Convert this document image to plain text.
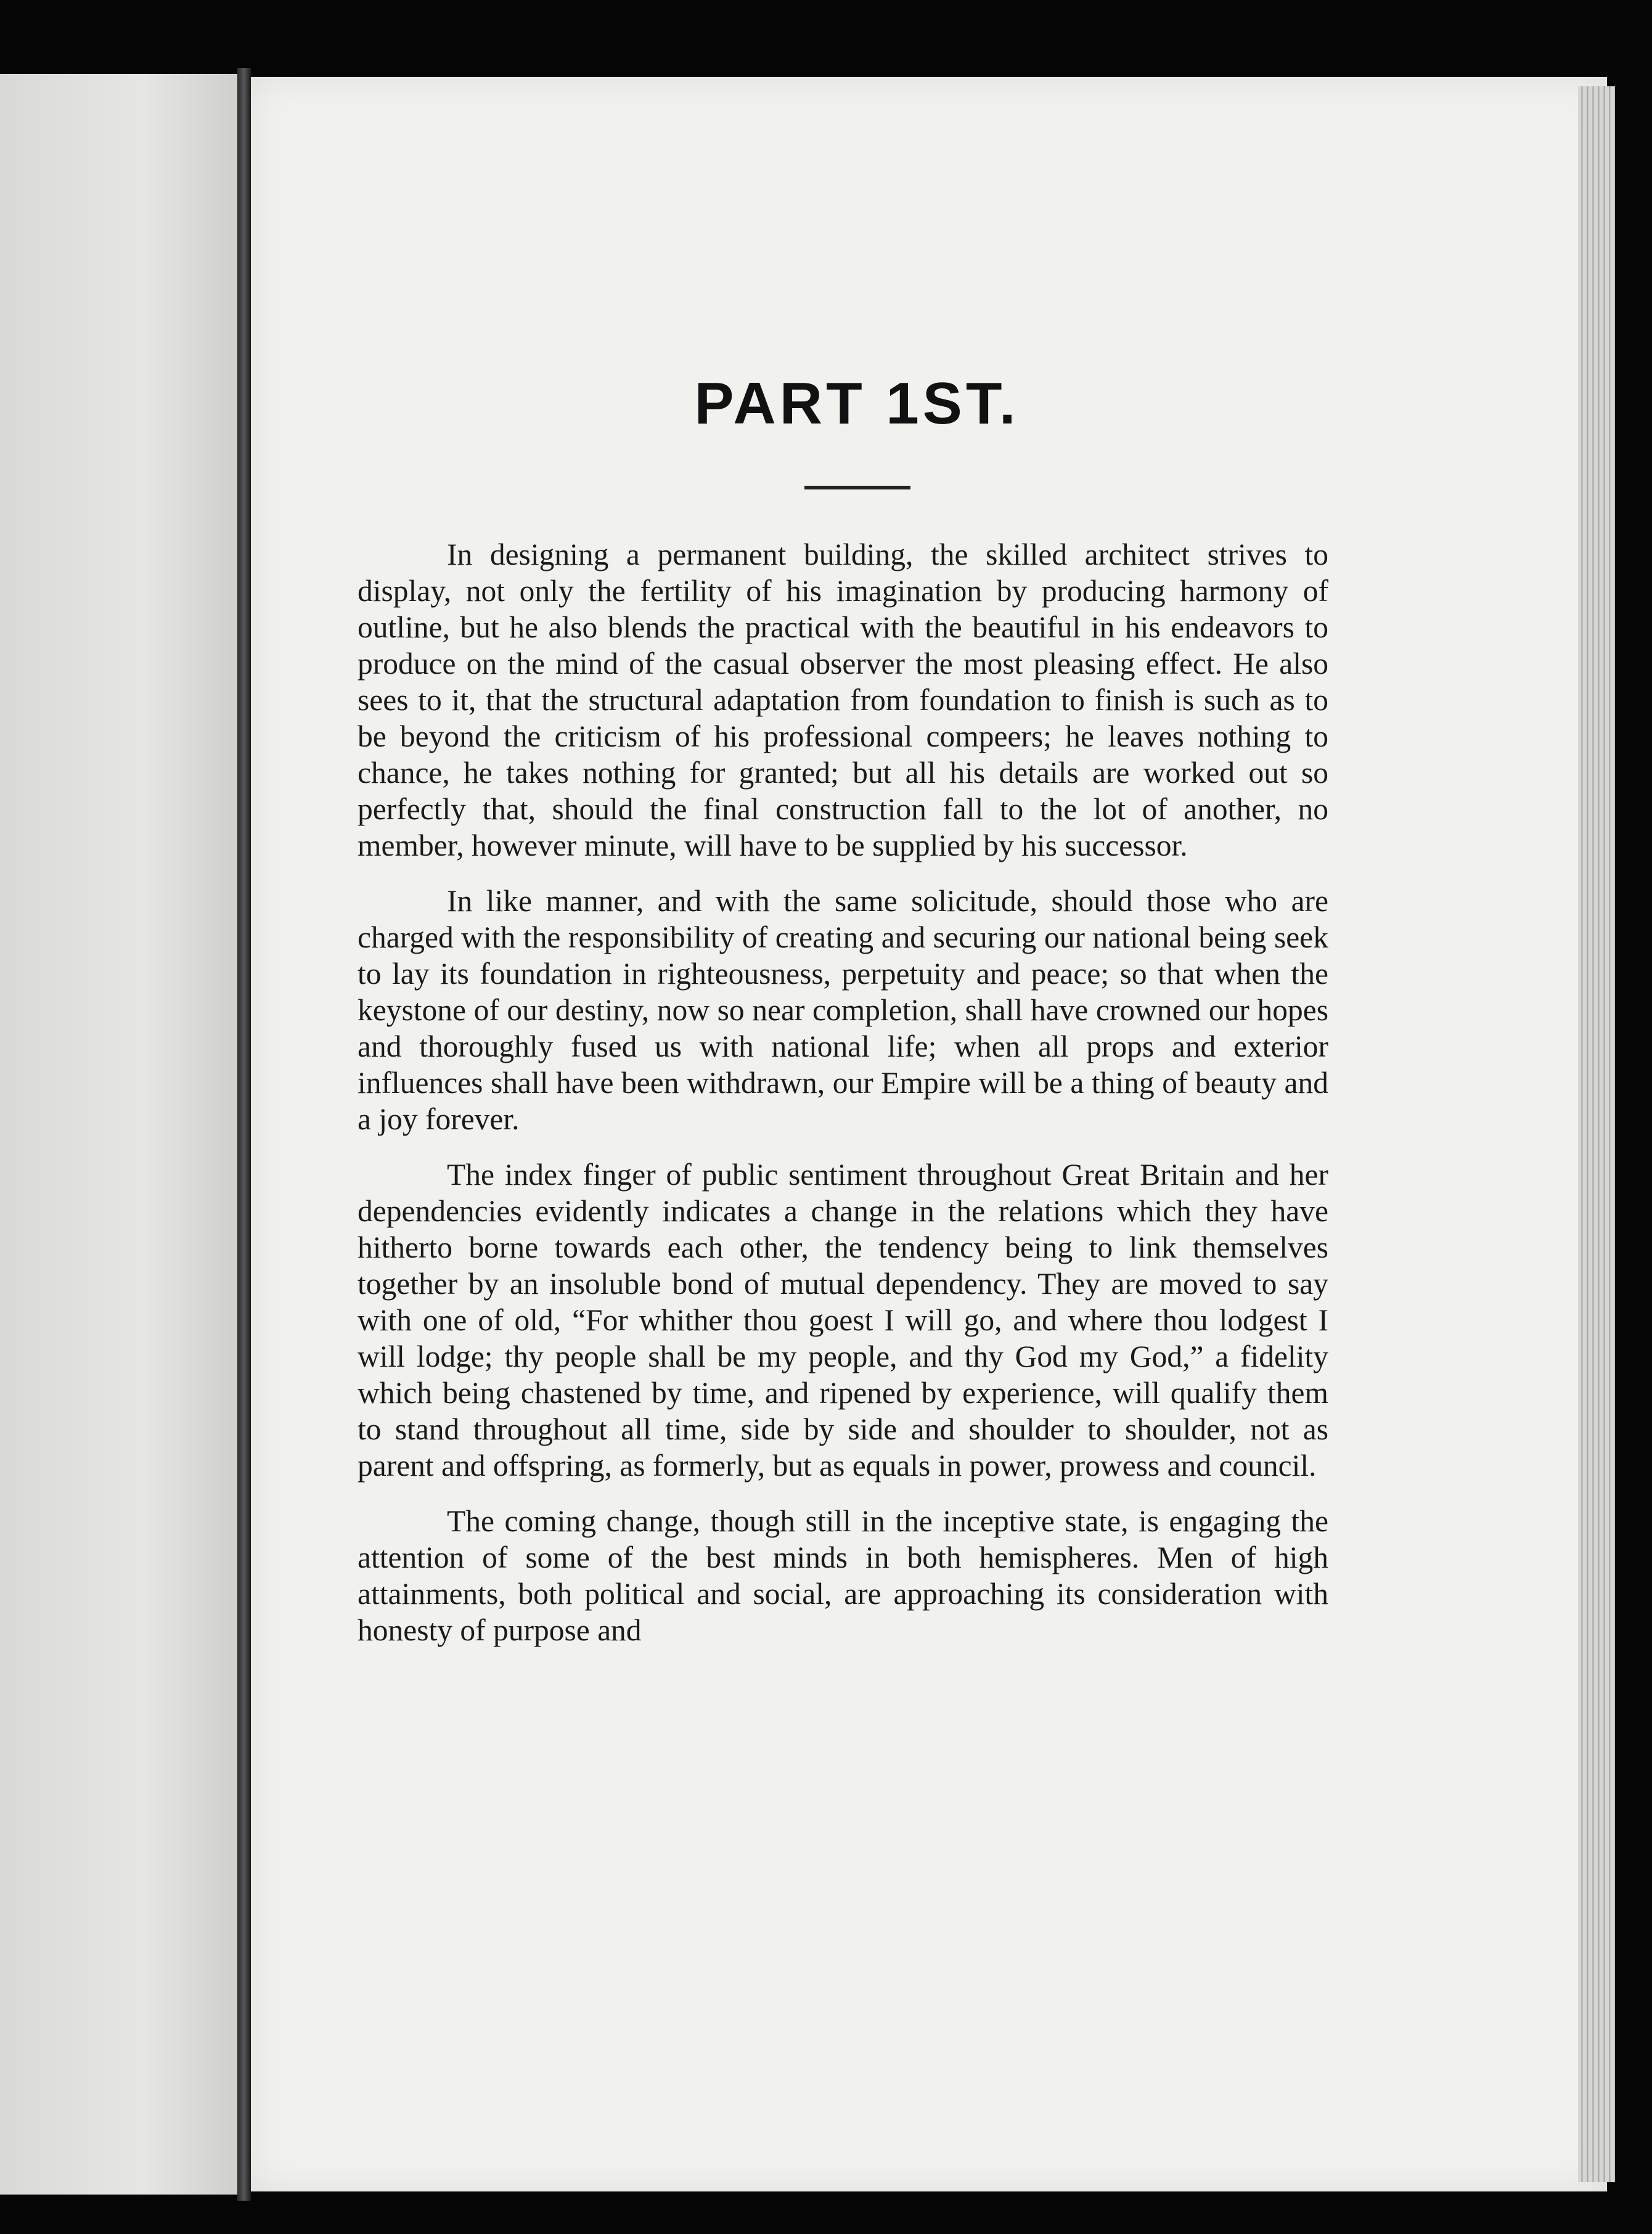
PART 1ST.

In designing a permanent building, the skilled architect strives to display, not only the fertility of his imagination by producing harmony of outline, but he also blends the practical with the beautiful in his endeavors to produce on the mind of the casual observer the most pleasing effect. He also sees to it, that the structural adaptation from foundation to finish is such as to be beyond the criticism of his professional compeers; he leaves nothing to chance, he takes nothing for granted; but all his details are worked out so perfectly that, should the final construction fall to the lot of another, no member, however minute, will have to be supplied by his successor.

In like manner, and with the same solicitude, should those who are charged with the responsibility of creating and securing our national being seek to lay its foundation in righteousness, perpetuity and peace; so that when the keystone of our destiny, now so near completion, shall have crowned our hopes and thoroughly fused us with national life; when all props and exterior influences shall have been withdrawn, our Empire will be a thing of beauty and a joy forever.

The index finger of public sentiment throughout Great Britain and her dependencies evidently indicates a change in the relations which they have hitherto borne towards each other, the tendency being to link themselves together by an insoluble bond of mutual dependency. They are moved to say with one of old, “For whither thou goest I will go, and where thou lodgest I will lodge; thy people shall be my people, and thy God my God,” a fidelity which being chastened by time, and ripened by experience, will qualify them to stand throughout all time, side by side and shoulder to shoulder, not as parent and offspring, as formerly, but as equals in power, prowess and council.

The coming change, though still in the inceptive state, is engaging the attention of some of the best minds in both hemispheres. Men of high attainments, both political and social, are approaching its consideration with honesty of purpose and
